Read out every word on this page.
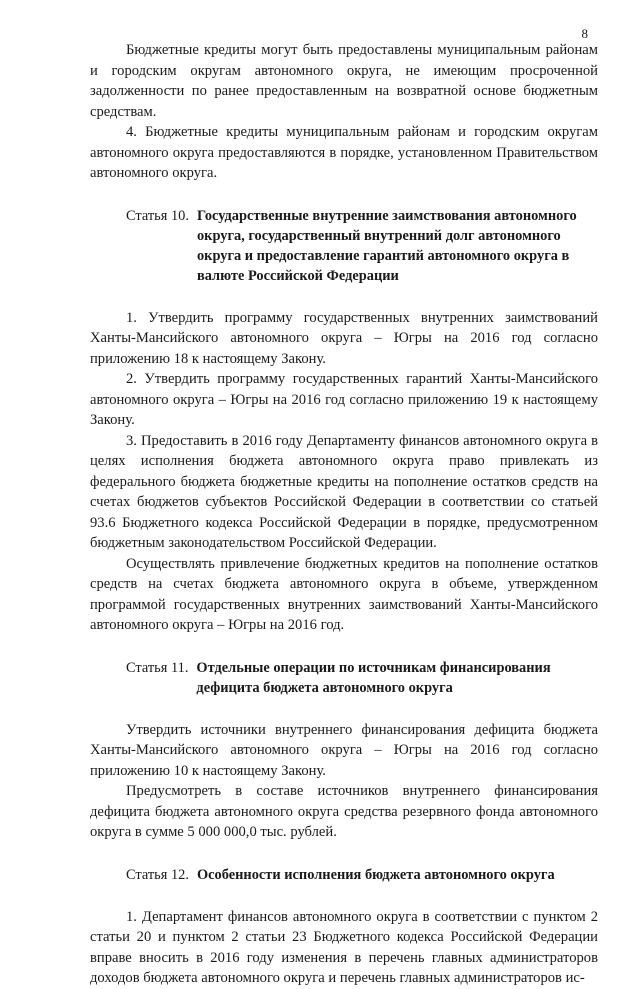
8

Бюджетные кредиты могут быть предоставлены муниципальным районам и городским округам автономного округа, не имеющим просроченной задолженности по ранее предоставленным на возвратной основе бюджетным средствам.

4. Бюджетные кредиты муниципальным районам и городским округам автономного округа предоставляются в порядке, установленном Правительством автономного округа.

Статья 10. Государственные внутренние заимствования автономного округа, государственный внутренний долг автономного округа и предоставление гарантий автономного округа в валюте Российской Федерации

1. Утвердить программу государственных внутренних заимствований Ханты-Мансийского автономного округа – Югры на 2016 год согласно приложению 18 к настоящему Закону.

2. Утвердить программу государственных гарантий Ханты-Мансийского автономного округа – Югры на 2016 год согласно приложению 19 к настоящему Закону.

3. Предоставить в 2016 году Департаменту финансов автономного округа в целях исполнения бюджета автономного округа право привлекать из федерального бюджета бюджетные кредиты на пополнение остатков средств на счетах бюджетов субъектов Российской Федерации в соответствии со статьей 93.6 Бюджетного кодекса Российской Федерации в порядке, предусмотренном бюджетным законодательством Российской Федерации.

Осуществлять привлечение бюджетных кредитов на пополнение остатков средств на счетах бюджета автономного округа в объеме, утвержденном программой государственных внутренних заимствований Ханты-Мансийского автономного округа – Югры на 2016 год.

Статья 11. Отдельные операции по источникам финансирования дефицита бюджета автономного округа

Утвердить источники внутреннего финансирования дефицита бюджета Ханты-Мансийского автономного округа – Югры на 2016 год согласно приложению 10 к настоящему Закону.

Предусмотреть в составе источников внутреннего финансирования дефицита бюджета автономного округа средства резервного фонда автономного округа в сумме 5 000 000,0 тыс. рублей.

Статья 12. Особенности исполнения бюджета автономного округа

1. Департамент финансов автономного округа в соответствии с пунктом 2 статьи 20 и пунктом 2 статьи 23 Бюджетного кодекса Российской Федерации вправе вносить в 2016 году изменения в перечень главных администраторов доходов бюджета автономного округа и перечень главных администраторов ис-
